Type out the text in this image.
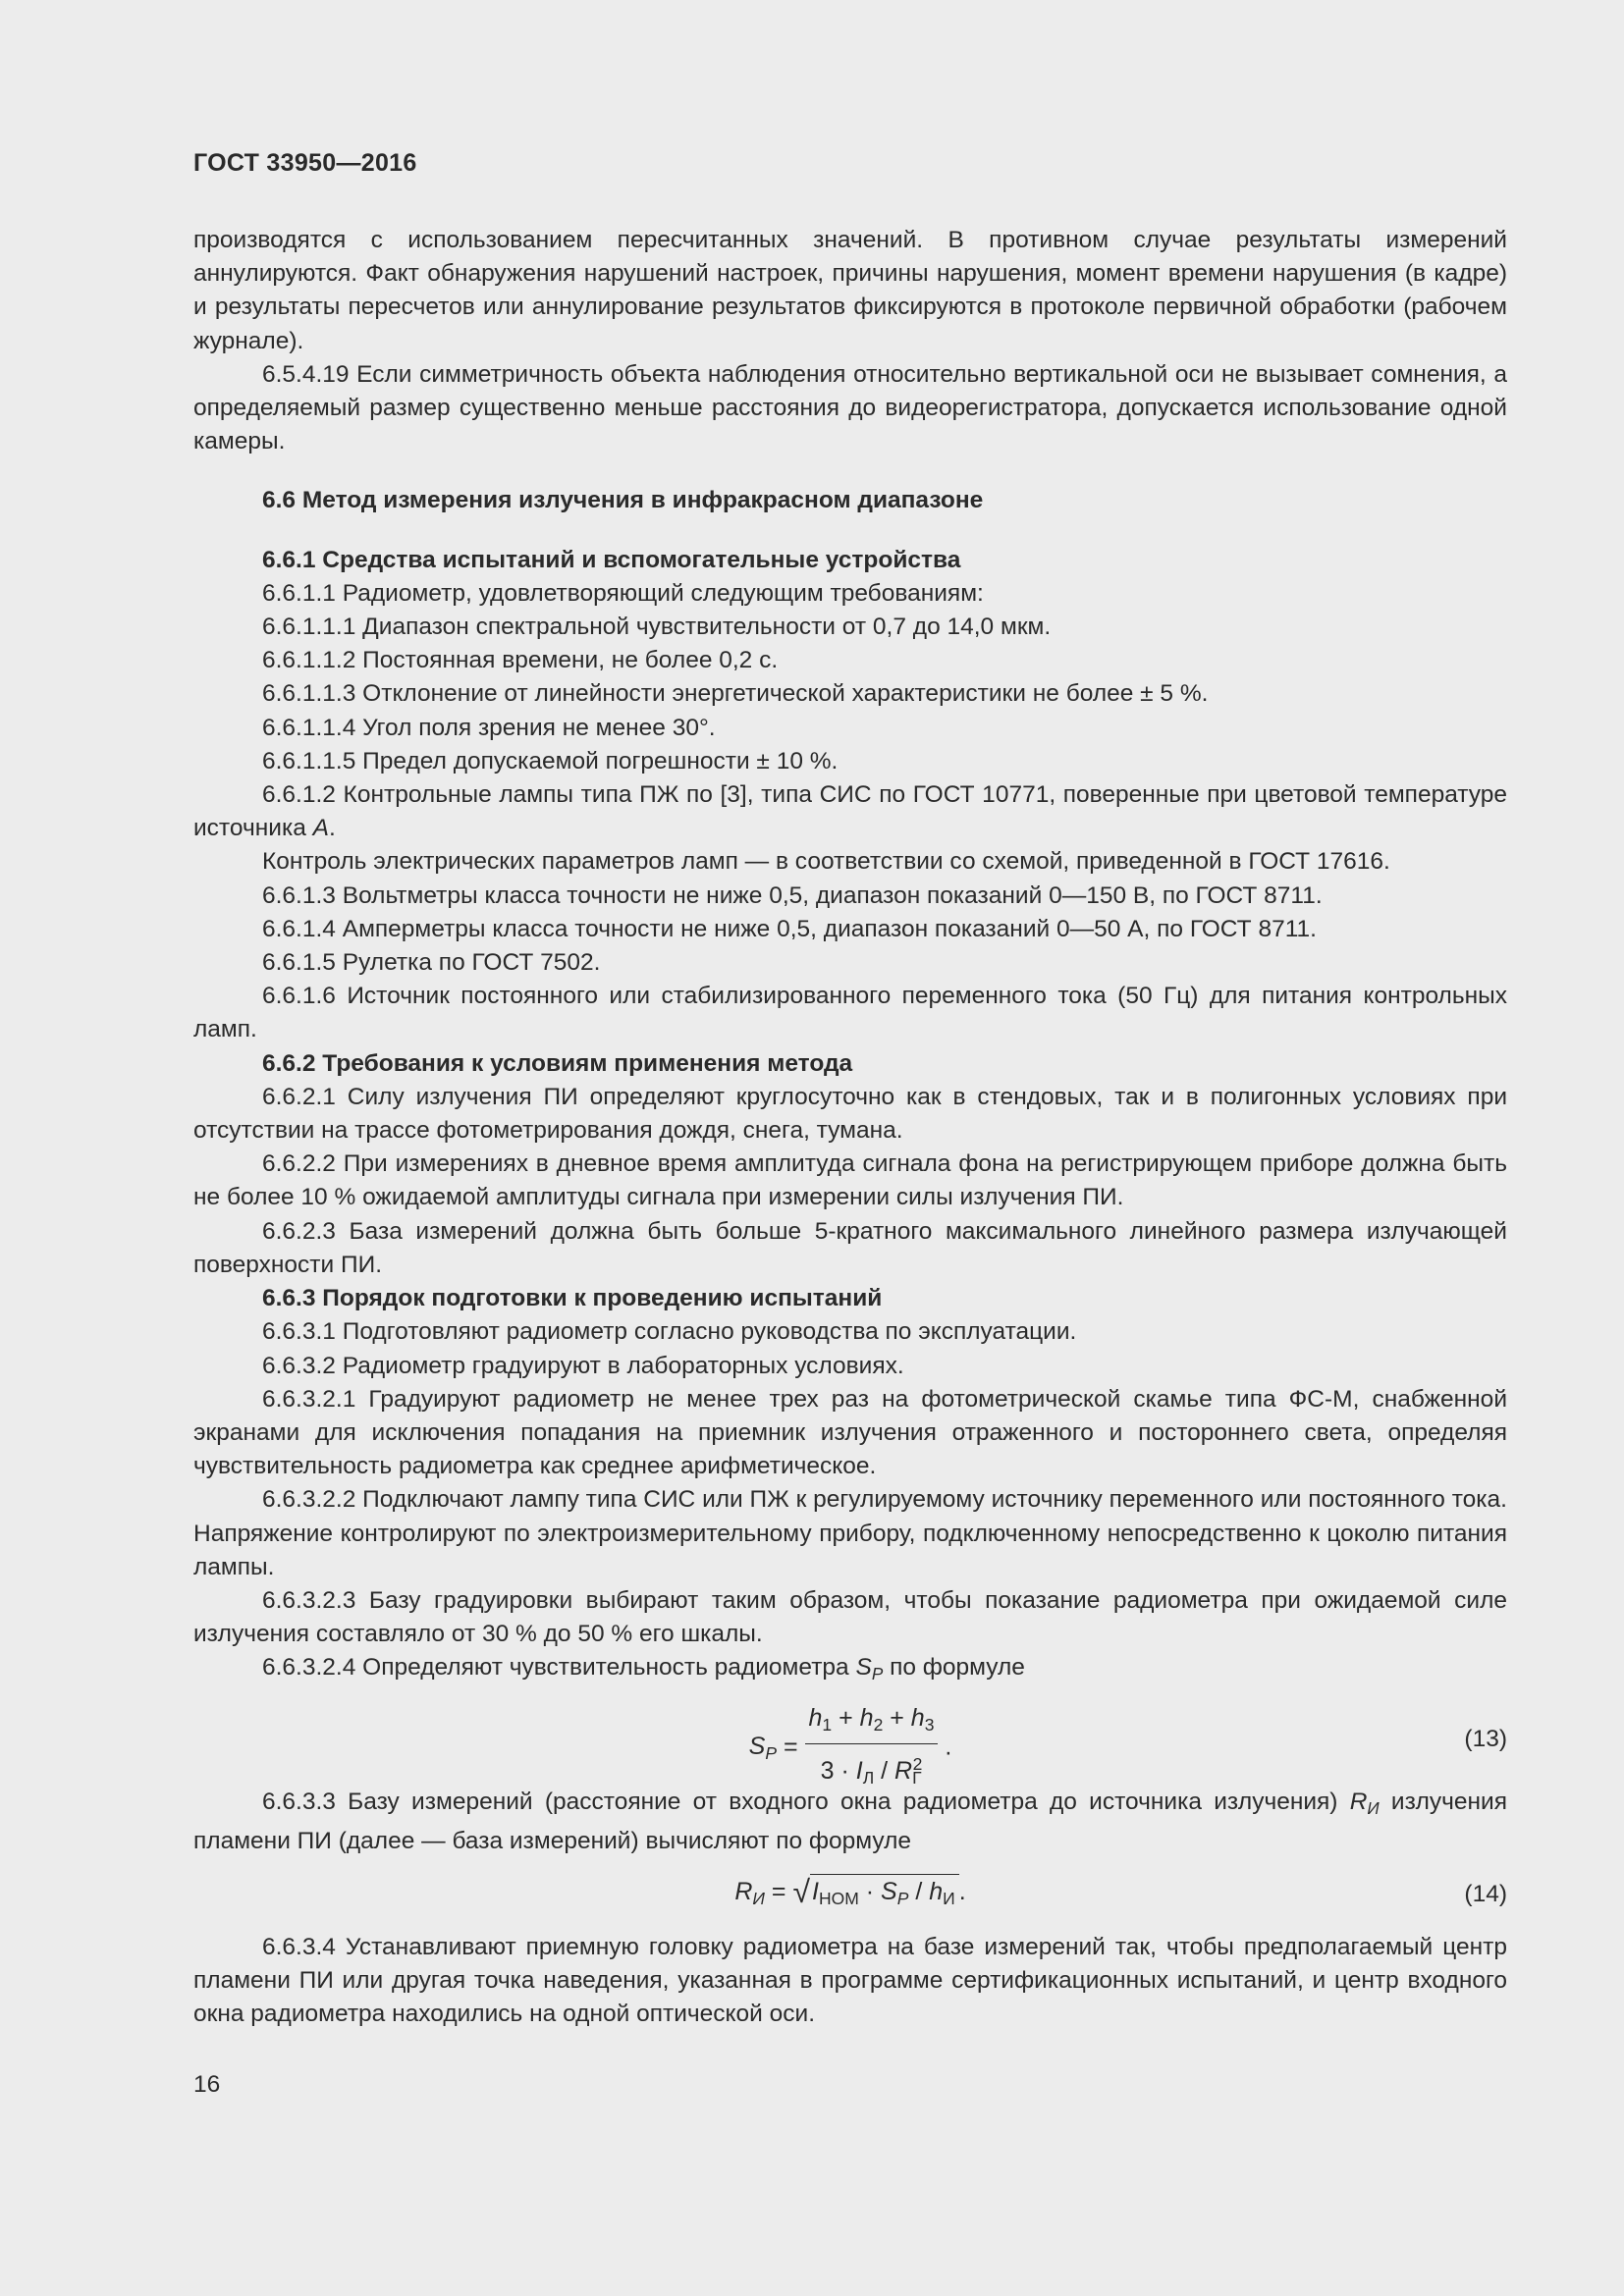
ГОСТ 33950—2016

производятся с использованием пересчитанных значений. В противном случае результаты измерений аннулируются. Факт обнаружения нарушений настроек, причины нарушения, момент времени нарушения (в кадре) и результаты пересчетов или аннулирование результатов фиксируются в протоколе первичной обработки (рабочем журнале).

6.5.4.19 Если симметричность объекта наблюдения относительно вертикальной оси не вызывает сомнения, а определяемый размер существенно меньше расстояния до видеорегистратора, допускается использование одной камеры.

6.6 Метод измерения излучения в инфракрасном диапазоне

6.6.1 Средства испытаний и вспомогательные устройства

6.6.1.1 Радиометр, удовлетворяющий следующим требованиям:

6.6.1.1.1 Диапазон спектральной чувствительности от 0,7 до 14,0 мкм.

6.6.1.1.2 Постоянная времени, не более 0,2 с.

6.6.1.1.3 Отклонение от линейности энергетической характеристики не более ± 5 %.

6.6.1.1.4 Угол поля зрения не менее 30°.

6.6.1.1.5 Предел допускаемой погрешности ± 10 %.

6.6.1.2 Контрольные лампы типа ПЖ по [3], типа СИС по ГОСТ 10771, поверенные при цветовой температуре источника А.

Контроль электрических параметров ламп — в соответствии со схемой, приведенной в ГОСТ 17616.

6.6.1.3 Вольтметры класса точности не ниже 0,5, диапазон показаний 0—150 В, по ГОСТ 8711.

6.6.1.4 Амперметры класса точности не ниже 0,5, диапазон показаний 0—50 А, по ГОСТ 8711.

6.6.1.5 Рулетка по ГОСТ 7502.

6.6.1.6 Источник постоянного или стабилизированного переменного тока (50 Гц) для питания контрольных ламп.

6.6.2 Требования к условиям применения метода

6.6.2.1 Силу излучения ПИ определяют круглосуточно как в стендовых, так и в полигонных условиях при отсутствии на трассе фотометрирования дождя, снега, тумана.

6.6.2.2 При измерениях в дневное время амплитуда сигнала фона на регистрирующем приборе должна быть не более 10 % ожидаемой амплитуды сигнала при измерении силы излучения ПИ.

6.6.2.3 База измерений должна быть больше 5-кратного максимального линейного размера излучающей поверхности ПИ.

6.6.3 Порядок подготовки к проведению испытаний

6.6.3.1 Подготовляют радиометр согласно руководства по эксплуатации.

6.6.3.2 Радиометр градуируют в лабораторных условиях.

6.6.3.2.1 Градуируют радиометр не менее трех раз на фотометрической скамье типа ФС-М, снабженной экранами для исключения попадания на приемник излучения отраженного и постороннего света, определяя чувствительность радиометра как среднее арифметическое.

6.6.3.2.2 Подключают лампу типа СИС или ПЖ к регулируемому источнику переменного или постоянного тока. Напряжение контролируют по электроизмерительному прибору, подключенному непосредственно к цоколю питания лампы.

6.6.3.2.3 Базу градуировки выбирают таким образом, чтобы показание радиометра при ожидаемой силе излучения составляло от 30 % до 50 % его шкалы.

6.6.3.2.4 Определяют чувствительность радиометра $S_P$ по формуле

$S_P = \frac{h_1 + h_2 + h_3}{3 \cdot I_Л / R_Г^2}$ .	(13)

6.6.3.3 Базу измерений (расстояние от входного окна радиометра до источника излучения) $R_И$ излучения пламени ПИ (далее — база измерений) вычисляют по формуле

$R_И = √I_{НОМ} \cdot S_P / h_И$ .	(14)

6.6.3.4 Устанавливают приемную головку радиометра на базе измерений так, чтобы предполагаемый центр пламени ПИ или другая точка наведения, указанная в программе сертификационных испытаний, и центр входного окна радиометра находились на одной оптической оси.

16
